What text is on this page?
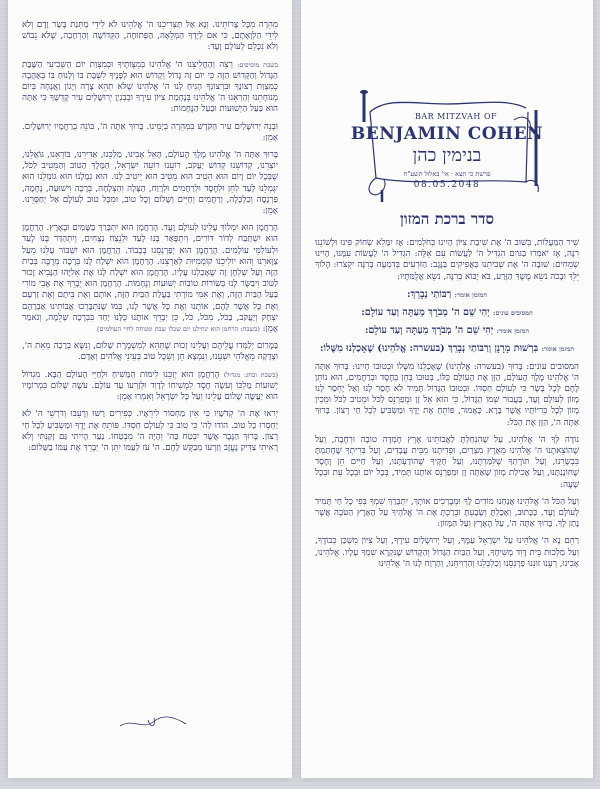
מִהֵרָה מִכָּל צָרוֹתֵינוּ. וְנָא אַל תַּצְרִיכֵנוּ ה' אֱלֹהֵינוּ לֹא לִידֵי מַתְּנַת בָּשָׂר וָדָם וְלֹא לִידֵי הַלְוָאָתָם, כִּי אִם לְיָדְךָ הַמְּלֵאָה, הַפְּתוּחָה, הַקְּדוֹשָׁה וְהָרְחָבָה, שֶׁלֹּא נֵבוֹשׁ וְלֹא נִכָּלֵם לְעוֹלָם וָעֶד:

בשבת מוסיפים: רְצֵה וְהַחֲלִיצֵנוּ ה' אֱלֹהֵינוּ בְּמִצְוֹתֶיךָ וּבְמִצְוַת יוֹם הַשְּׁבִיעִי הַשַּׁבָּת הַגָּדוֹל וְהַקָּדוֹשׁ הַזֶּה כִּי יוֹם זֶה גָּדוֹל וְקָדוֹשׁ הוּא לְפָנֶיךָ לִשְׁבָּת בּוֹ וְלָנוּחַ בּוֹ בְּאַהֲבָה כְּמִצְוַת רְצוֹנֶךָ וּבִרְצוֹנְךָ הָנִיחַ לָנוּ ה' אֱלֹהֵינוּ שֶׁלֹּא תְהֵא צָרָה וְיָגוֹן וַאֲנָחָה בְּיוֹם מְנוּחָתֵנוּ וְהַרְאֵנוּ ה' אֱלֹהֵינוּ בְּנֶחָמַת צִיּוֹן עִירֶךָ וּבְבִנְיַן יְרוּשָׁלַיִם עִיר קָדְשֶׁךָ כִּי אַתָּה הוּא בַּעַל הַיְשׁוּעוֹת וּבַעַל הַנֶּחָמוֹת:

וּבְנֵה יְרוּשָׁלַיִם עִיר הַקֹּדֶשׁ בִּמְהֵרָה בְיָמֵינוּ. בָּרוּךְ אַתָּה ה', בּוֹנֵה בְרַחֲמָיו יְרוּשָׁלָיִם. אָמֵן:

בָּרוּךְ אַתָּה ה' אֱלֹהֵינוּ מֶלֶךְ הָעוֹלָם, הָאֵל אָבִינוּ, מַלְכֵּנוּ, אַדִּירֵנוּ, בּוֹרְאֵנוּ, גּוֹאֲלֵנוּ, יוֹצְרֵנוּ, קְדוֹשֵׁנוּ קְדוֹשׁ יַעֲקֹב, רוֹעֵנוּ רוֹעֵה יִשְׂרָאֵל, הַמֶּלֶךְ הַטּוֹב וְהַמֵּטִיב לַכֹּל, שֶׁבְּכָל יוֹם וָיוֹם הוּא הֵטִיב הוּא מֵטִיב הוּא יֵיטִיב לָנוּ. הוּא גְמָלָנוּ הוּא גוֹמְלֵנוּ הוּא יִגְמְלֵנוּ לָעַד לְחֵן וּלְחֶסֶד וּלְרַחֲמִים וּלְרֶוַח, הַצָּלָה וְהַצְלָחָה, בְּרָכָה וִישׁוּעָה, נֶחָמָה, פַּרְנָסָה וְכַלְכָּלָה, וְרַחֲמִים וְחַיִּים וְשָׁלוֹם וְכָל טוֹב, וּמִכָּל טוּב לְעוֹלָם אַל יְחַסְּרֵנוּ. אָמֵן:

הָרַחֲמָן הוּא יִמְלוֹךְ עָלֵינוּ לְעוֹלָם וָעֶד. הָרַחֲמָן הוּא יִתְבָּרַךְ בַּשָּׁמַיִם וּבָאָרֶץ. הָרַחֲמָן הוּא יִשְׁתַּבַּח לְדוֹר דּוֹרִים, וְיִתְפָּאַר בָּנוּ לָעַד וּלְנֵצַח נְצָחִים, וְיִתְהַדַּר בָּנוּ לָעַד וּלְעוֹלְמֵי עוֹלָמִים. הָרַחֲמָן הוּא יְפַרְנְסֵנוּ בְּכָבוֹד. הָרַחֲמָן הוּא יִשְׁבּוֹר עֻלֵּנוּ מֵעַל צַוָּארֵנוּ וְהוּא יוֹלִיכֵנוּ קוֹמְמִיּוּת לְאַרְצֵנוּ. הָרַחֲמָן הוּא יִשְׁלַח לָנוּ בְּרָכָה מְרֻבָּה בְּבַיִת הַזֶּה וְעַל שֻׁלְחָן זֶה שֶׁאָכַלְנוּ עָלָיו. הָרַחֲמָן הוּא יִשְׁלַח לָנוּ אֶת אֵלִיָּהוּ הַנָּבִיא זָכוּר לַטּוֹב וִיבַשֶּׂר לָנוּ בְּשׂוֹרוֹת טוֹבוֹת יְשׁוּעוֹת וְנֶחָמוֹת. הָרַחֲמָן הוּא יְבָרֵךְ אֶת אָבִי מוֹרִי בַּעַל הַבַּיִת הַזֶּה, וְאֶת אִמִּי מוֹרָתִי בַּעֲלַת הַבַּיִת הַזֶּה, אוֹתָם וְאֶת בֵּיתָם וְאֶת זַרְעָם וְאֶת כָּל אֲשֶׁר לָהֶם, אוֹתָנוּ וְאֶת כָּל אֲשֶׁר לָנוּ, כְּמוֹ שֶׁנִּתְבָּרְכוּ אֲבוֹתֵינוּ אַבְרָהָם יִצְחָק וְיַעֲקֹב, בַּכֹּל, מִכֹּל, כֹּל, כֵּן יְבָרֵךְ אוֹתָנוּ כֻּלָּנוּ יַחַד בִּבְרָכָה שְׁלֵמָה, וְנֹאמַר אָמֵן: (בשבת: הרחמן הוא ינחילנו יום שכלו שבת ומנוחה לחיי העולמים)

בַּמָּרוֹם יְלַמְּדוּ עֲלֵיהֶם וְעָלֵינוּ זְכוּת שֶׁתְּהֵא לְמִשְׁמֶרֶת שָׁלוֹם, וְנִשָּׂא בְרָכָה מֵאֵת ה', וּצְדָקָה מֵאֱלֹהֵי יִשְׁעֵנוּ, וְנִמְצָא חֵן וְשֵׂכֶל טוֹב בְּעֵינֵי אֱלֹהִים וְאָדָם.

(בשבת ובחג: מגדול) הָרַחֲמָן הוּא יְזַכֵּנוּ לִימוֹת הַמָּשִׁיחַ וּלְחַיֵּי הָעוֹלָם הַבָּא. מִגְדּוֹל יְשׁוּעוֹת מַלְכּוֹ וְעֹשֶׂה חֶסֶד לִמְשִׁיחוֹ לְדָוִד וּלְזַרְעוֹ עַד עוֹלָם. עֹשֶׂה שָׁלוֹם בִּמְרוֹמָיו הוּא יַעֲשֶׂה שָׁלוֹם עָלֵינוּ וְעַל כָּל יִשְׂרָאֵל וְאִמְרוּ אָמֵן:

יְראוּ אֶת ה' קְדֹשָׁיו כִּי אֵין מַחְסוֹר לִירֵאָיו. כְּפִירִים רָשׁוּ וְרָעֵבוּ וְדֹרְשֵׁי ה' לֹא יַחְסְרוּ כָל טוֹב. הוֹדוּ לַה' כִּי טוֹב כִּי לְעוֹלָם חַסְדּוֹ. פּוֹתֵחַ אֶת יָדֶךָ וּמַשְׂבִּיעַ לְכָל חַי רָצוֹן. בָּרוּךְ הַגֶּבֶר אֲשֶׁר יִבְטַח בַּה' וְהָיָה ה' מִבְטַחוֹ. נַעַר הָיִיתִי גַּם זָקַנְתִּי וְלֹא רָאִיתִי צַדִּיק נֶעֱזָב וְזַרְעוֹ מְבַקֶּשׁ לָחֶם. ה' עֹז לְעַמּוֹ יִתֵּן ה' יְבָרֵךְ אֶת עַמּוֹ בַשָּׁלוֹם:

BAR MITZVAH OF
BENJAMIN COHEN
בנימין כהן
פרשת כי תצא · אי' באלול תשע"ח
08.05.2048
סדר ברכת המזון

שִׁיר הַמַּעֲלוֹת, בְּשׁוּב ה' אֶת שִׁיבַת צִיּוֹן הָיִינוּ כְּחֹלְמִים: אָז יִמָּלֵא שְׂחוֹק פִּינוּ וּלְשׁוֹנֵנוּ רִנָּה, אָז יֹאמְרוּ בַגּוֹיִם הִגְדִּיל ה' לַעֲשׂוֹת עִם אֵלֶּה: הִגְדִּיל ה' לַעֲשׂוֹת עִמָּנוּ, הָיִינוּ שְׂמֵחִים: שׁוּבָה ה' אֶת שְׁבִיתֵנוּ כַּאֲפִיקִים בַּנֶּגֶב: הַזֹּרְעִים בְּדִמְעָה בְּרִנָּה יִקְצֹרוּ: הָלוֹךְ יֵלֵךְ וּבָכֹה נֹשֵׂא מֶשֶׁךְ הַזָּרַע, בֹּא יָבוֹא בְרִנָּה, נֹשֵׂא אֲלֻמֹּתָיו:

המזמן אומר: רַבּוֹתַי נְבָרֵךְ:

המסובים עונים: יְהִי שֵׁם ה' מְבֹרָךְ מֵעַתָּה וְעַד עוֹלָם:

המזמן אומר: יְהִי שֵׁם ה' מְבֹרָךְ מֵעַתָּה וְעַד עוֹלָם:

המזמן אומר: בִּרְשׁוּת מָרָנָן וְרַבּוֹתַי נְבָרֵךְ (בעשרה: אֱלֹהֵינוּ) שֶׁאָכַלְנוּ מִשֶּׁלוֹ:

המסובים עונים: בָּרוּךְ (בעשרה: אֱלֹהֵינוּ) שֶׁאָכַלְנוּ מִשֶּׁלוֹ וּבְטוּבוֹ חָיִינוּ: בָּרוּךְ אַתָּה ה' אֱלֹהֵינוּ מֶלֶךְ הָעוֹלָם, הַזָּן אֶת הָעוֹלָם כֻּלּוֹ, בְּטוּבוֹ בְּחֵן בְּחֶסֶד וּבְרַחֲמִים, הוּא נוֹתֵן לֶחֶם לְכָל בָּשָׂר כִּי לְעוֹלָם חַסְדּוֹ. וּבְטוּבוֹ הַגָּדוֹל תָּמִיד לֹא חָסַר לָנוּ וְאַל יֶחְסַר לָנוּ מָזוֹן לְעוֹלָם וָעֶד, בַּעֲבוּר שְׁמוֹ הַגָּדוֹל, כִּי הוּא אֵל זָן וּמְפַרְנֵס לַכֹּל וּמֵטִיב לַכֹּל וּמֵכִין מָזוֹן לְכָל בְּרִיּוֹתָיו אֲשֶׁר בָּרָא. כָּאָמוּר, פּוֹתֵחַ אֶת יָדֶךָ וּמַשְׂבִּיעַ לְכָל חַי רָצוֹן. בָּרוּךְ אַתָּה ה', הַזָּן אֶת הַכֹּל:

נוֹדֶה לְּךָ ה' אֱלֹהֵינוּ, עַל שֶׁהִנְחַלְתָּ לַאֲבוֹתֵינוּ אֶרֶץ חֶמְדָּה טוֹבָה וּרְחָבָה, וְעַל שֶׁהוֹצֵאתָנוּ ה' אֱלֹהֵינוּ מֵאֶרֶץ מִצְרַיִם, וּפְדִיתָנוּ מִבֵּית עֲבָדִים, וְעַל בְּרִיתְךָ שֶׁחָתַמְתָּ בִּבְשָׂרֵנוּ, וְעַל תּוֹרָתְךָ שֶׁלִּמַּדְתָּנוּ, וְעַל חֻקֶּיךָ שֶׁהוֹדַעְתָּנוּ, וְעַל חַיִּים חֵן וָחֶסֶד שֶׁחוֹנַנְתָּנוּ, וְעַל אֲכִילַת מָזוֹן שָׁאַתָּה זָן וּמְפַרְנֵס אוֹתָנוּ תָּמִיד, בְּכָל יוֹם וּבְכָל עֵת וּבְכָל שָׁעָה:

וְעַל הַכֹּל ה' אֱלֹהֵינוּ אֲנַחְנוּ מוֹדִים לָךְ וּמְבָרְכִים אוֹתָךְ, יִתְבָּרַךְ שִׁמְךָ בְּפִי כָל חַי תָּמִיד לְעוֹלָם וָעֶד. כַּכָּתוּב, וְאָכַלְתָּ וְשָׂבָעְתָּ וּבֵרַכְתָּ אֶת ה' אֱלֹהֶיךָ עַל הָאָרֶץ הַטֹּבָה אֲשֶׁר נָתַן לָךְ. בָּרוּךְ אַתָּה ה', עַל הָאָרֶץ וְעַל הַמָּזוֹן:

רַחֵם נָא ה' אֱלֹהֵינוּ עַל יִשְׂרָאֵל עַמֶּךָ, וְעַל יְרוּשָׁלַיִם עִירֶךָ, וְעַל צִיּוֹן מִשְׁכַּן כְּבוֹדֶךָ, וְעַל מַלְכוּת בֵּית דָּוִד מְשִׁיחֶךָ, וְעַל הַבַּיִת הַגָּדוֹל וְהַקָּדוֹשׁ שֶׁנִּקְרָא שִׁמְךָ עָלָיו. אֱלֹהֵינוּ, אָבִינוּ, רְעֵנוּ זוּנֵנוּ פַרְנְסֵנוּ וְכַלְכְּלֵנוּ וְהַרְוִיחֵנוּ, וְהַרְוַח לָנוּ ה' אֱלֹהֵינוּ
